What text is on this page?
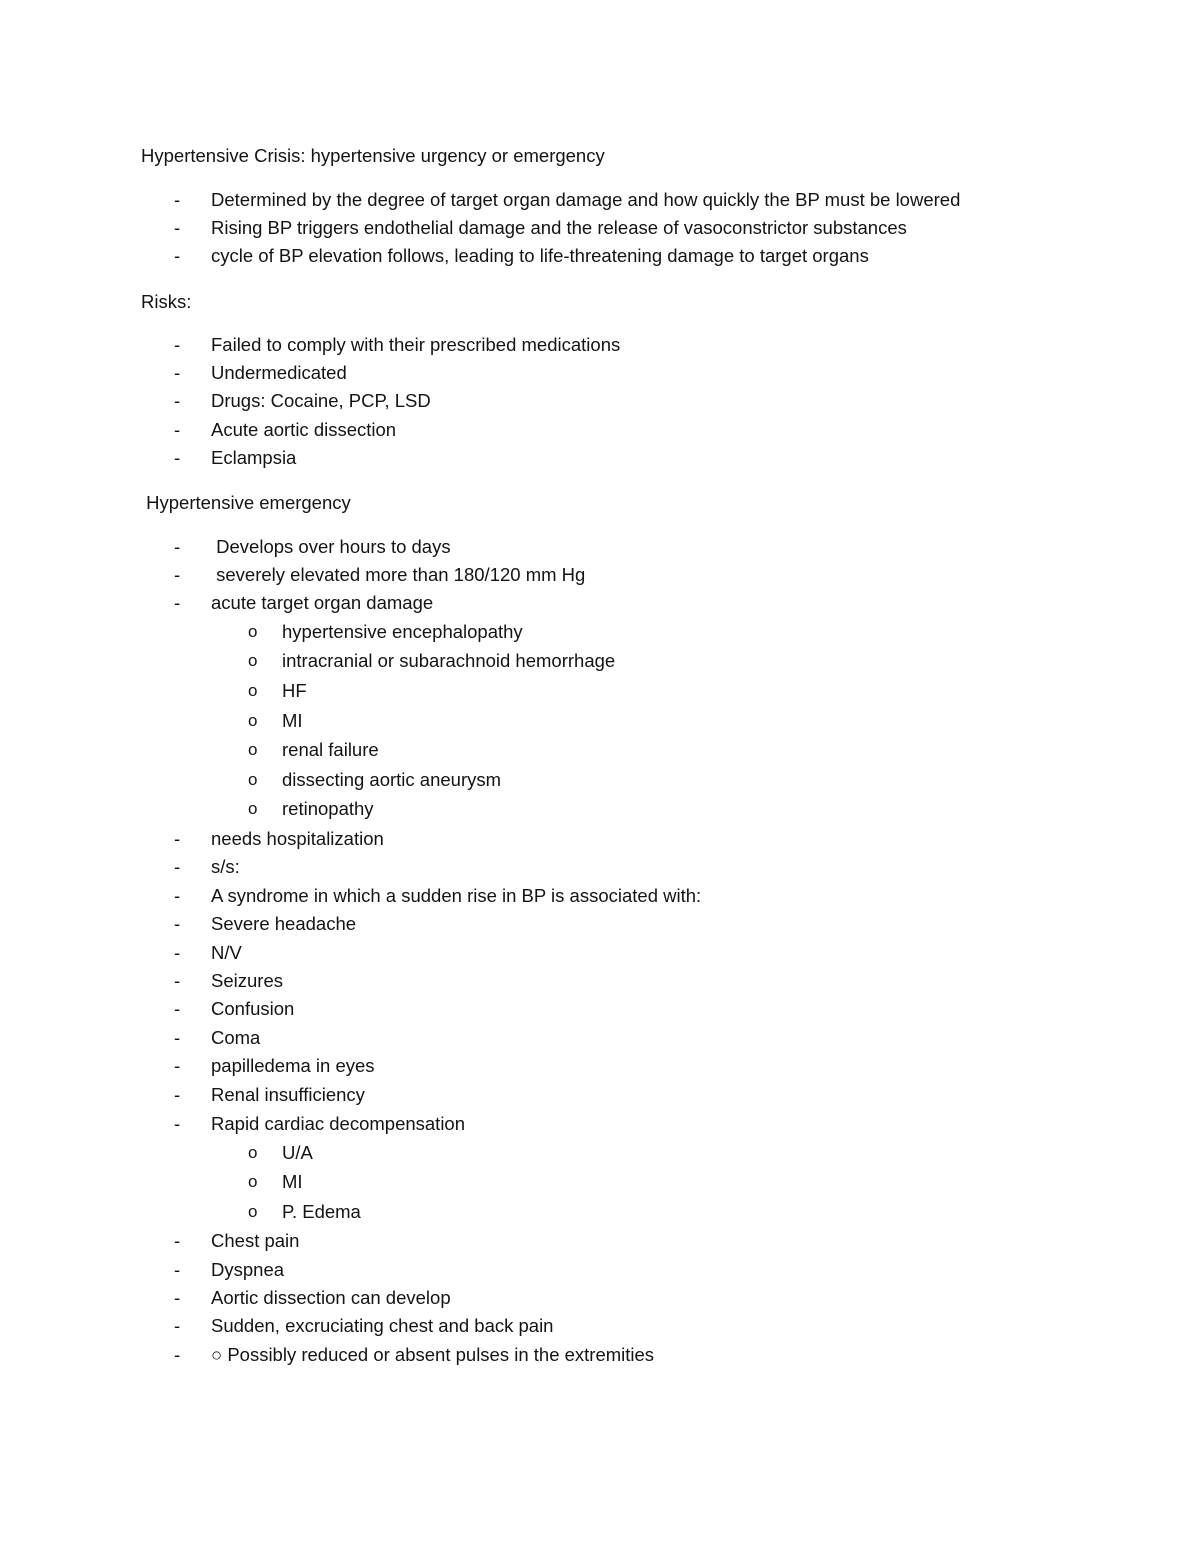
Hypertensive Crisis: hypertensive urgency or emergency
- Determined by the degree of target organ damage and how quickly the BP must be lowered
- Rising BP triggers endothelial damage and the release of vasoconstrictor substances
- cycle of BP elevation follows, leading to life-threatening damage to target organs
Risks:
- Failed to comply with their prescribed medications
- Undermedicated
- Drugs: Cocaine, PCP, LSD
- Acute aortic dissection
- Eclampsia
Hypertensive emergency
- Develops over hours to days
- severely elevated more than 180/120 mm Hg
- acute target organ damage
o hypertensive encephalopathy
o intracranial or subarachnoid hemorrhage
o HF
o MI
o renal failure
o dissecting aortic aneurysm
o retinopathy
- needs hospitalization
- s/s:
- A syndrome in which a sudden rise in BP is associated with:
- Severe headache
- N/V
- Seizures
- Confusion
- Coma
- papilledema in eyes
- Renal insufficiency
- Rapid cardiac decompensation
o U/A
o MI
o P. Edema
- Chest pain
- Dyspnea
- Aortic dissection can develop
- Sudden, excruciating chest and back pain
- ○ Possibly reduced or absent pulses in the extremities
